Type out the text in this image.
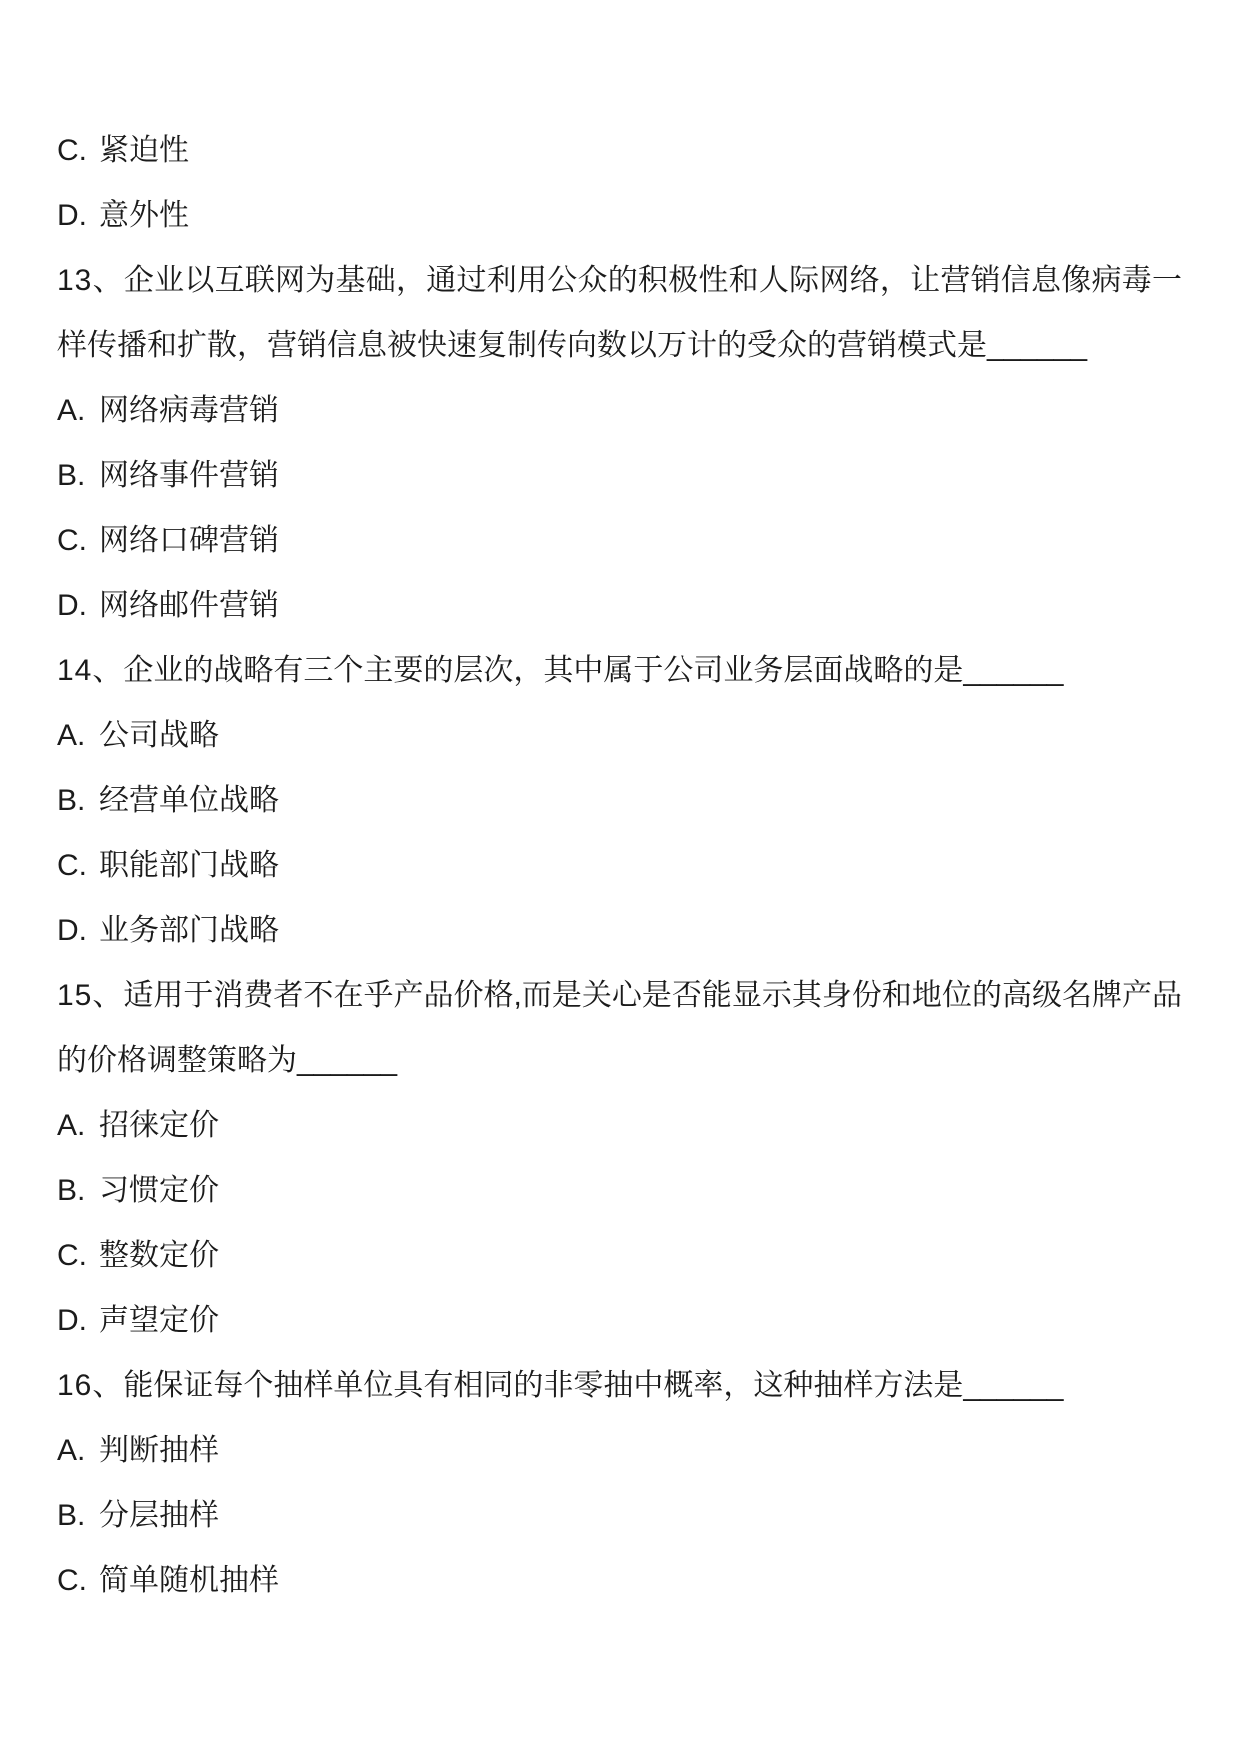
C. 紧迫性

D. 意外性

13、企业以互联网为基础，通过利用公众的积极性和人际网络，让营销信息像病毒一样传播和扩散，营销信息被快速复制传向数以万计的受众的营销模式是______

A. 网络病毒营销

B. 网络事件营销

C. 网络口碑营销

D. 网络邮件营销

14、企业的战略有三个主要的层次，其中属于公司业务层面战略的是______

A. 公司战略

B. 经营单位战略

C. 职能部门战略

D. 业务部门战略

15、适用于消费者不在乎产品价格,而是关心是否能显示其身份和地位的高级名牌产品的价格调整策略为______

A. 招徕定价

B. 习惯定价

C. 整数定价

D. 声望定价

16、能保证每个抽样单位具有相同的非零抽中概率，这种抽样方法是______

A. 判断抽样

B. 分层抽样

C. 简单随机抽样
